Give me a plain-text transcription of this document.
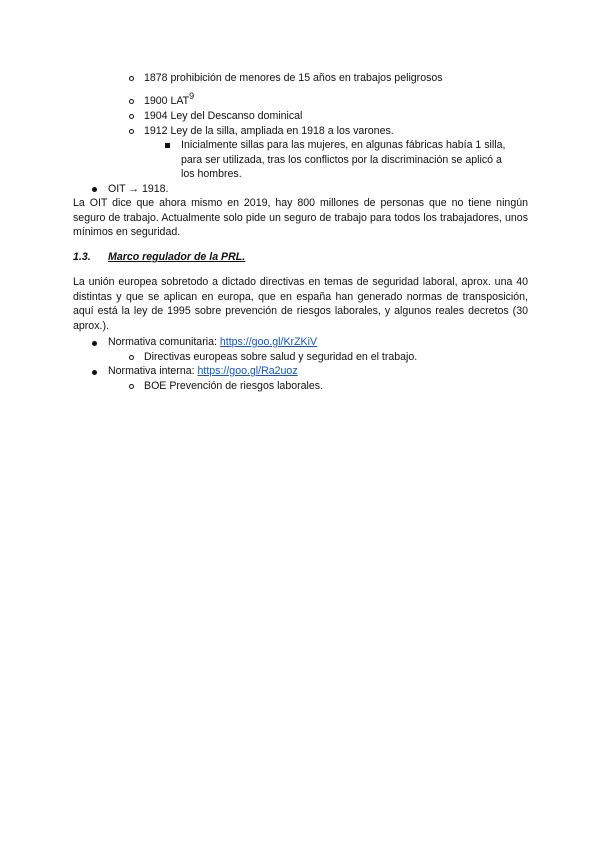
1878 prohibición de menores de 15 años en trabajos peligrosos
1900 LAT$^9$
1904 Ley del Descanso dominical
1912 Ley de la silla, ampliada en 1918 a los varones.
Inicialmente sillas para las mujeres, en algunas fábricas había 1 silla,
para ser utilizada, tras los conflictos por la discriminación se aplicó a
los hombres.
OIT → 1918.
La OIT dice que ahora mismo en 2019, hay 800 millones de personas que no tiene ningún seguro de trabajo. Actualmente solo pide un seguro de trabajo para todos los trabajadores, unos mínimos en seguridad.
1.3. Marco regulador de la PRL.
La unión europea sobretodo a dictado directivas en temas de seguridad laboral, aprox. una 40 distintas y que se aplican en europa, que en españa han generado normas de transposición, aquí está la ley de 1995 sobre prevención de riesgos laborales, y algunos reales decretos (30 aprox.).
Normativa comunitaria: https://goo.gl/KrZKiV
Directivas europeas sobre salud y seguridad en el trabajo.
Normativa interna: https://goo.gl/Ra2uoz
BOE Prevención de riesgos laborales.
